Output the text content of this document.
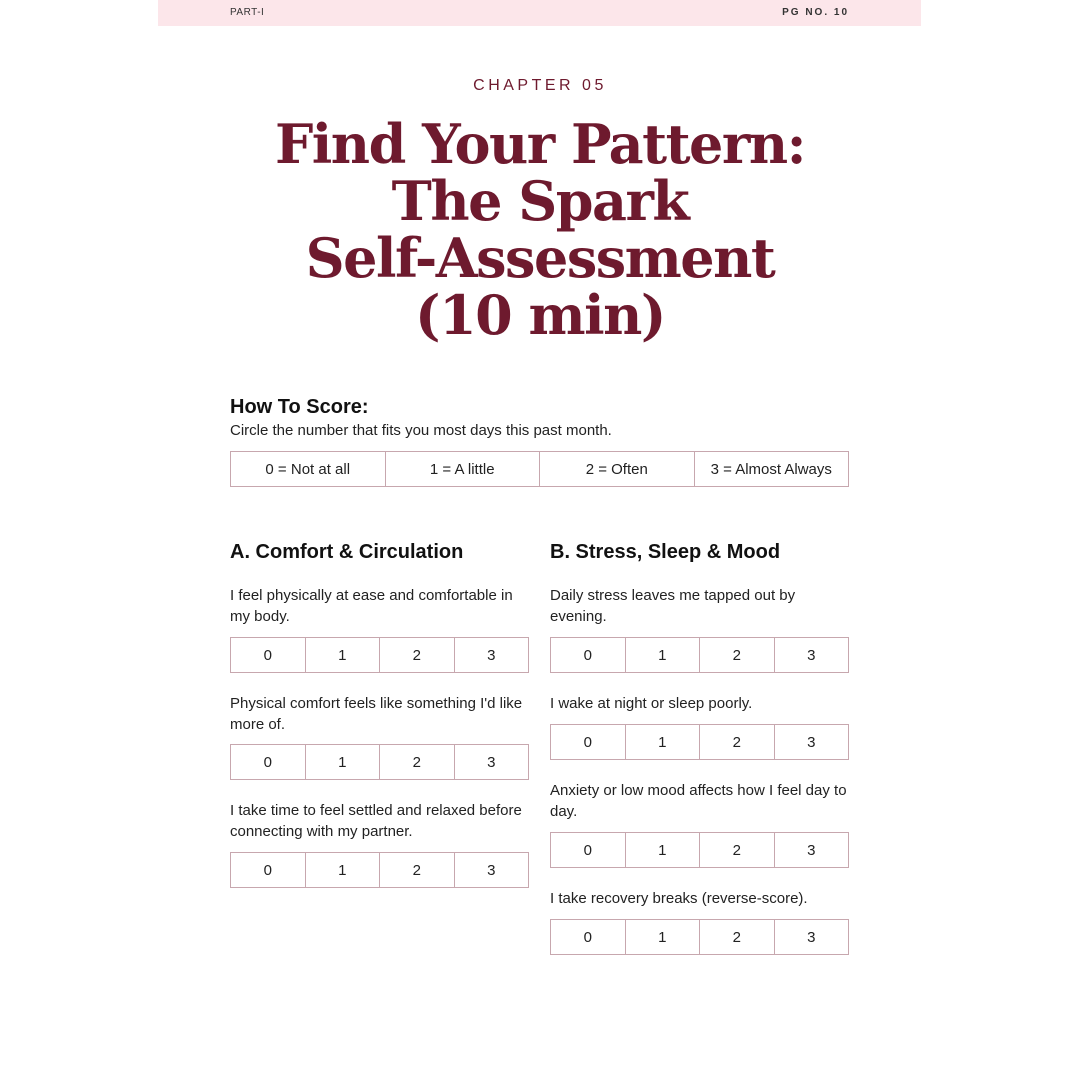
PART-I	PG NO. 10
CHAPTER 05
Find Your Pattern:
The Spark
Self-Assessment
(10 min)
How To Score:
Circle the number that fits you most days this past month.
0 = Not at all	1 = A little	2 = Often	3 = Almost Always
A. Comfort & Circulation
I feel physically at ease and comfortable in my body.
0	1	2	3
Physical comfort feels like something I'd like more of.
0	1	2	3
I take time to feel settled and relaxed before connecting with my partner.
0	1	2	3
B. Stress, Sleep & Mood
Daily stress leaves me tapped out by evening.
0	1	2	3
I wake at night or sleep poorly.
0	1	2	3
Anxiety or low mood affects how I feel day to day.
0	1	2	3
I take recovery breaks (reverse-score).
0	1	2	3
